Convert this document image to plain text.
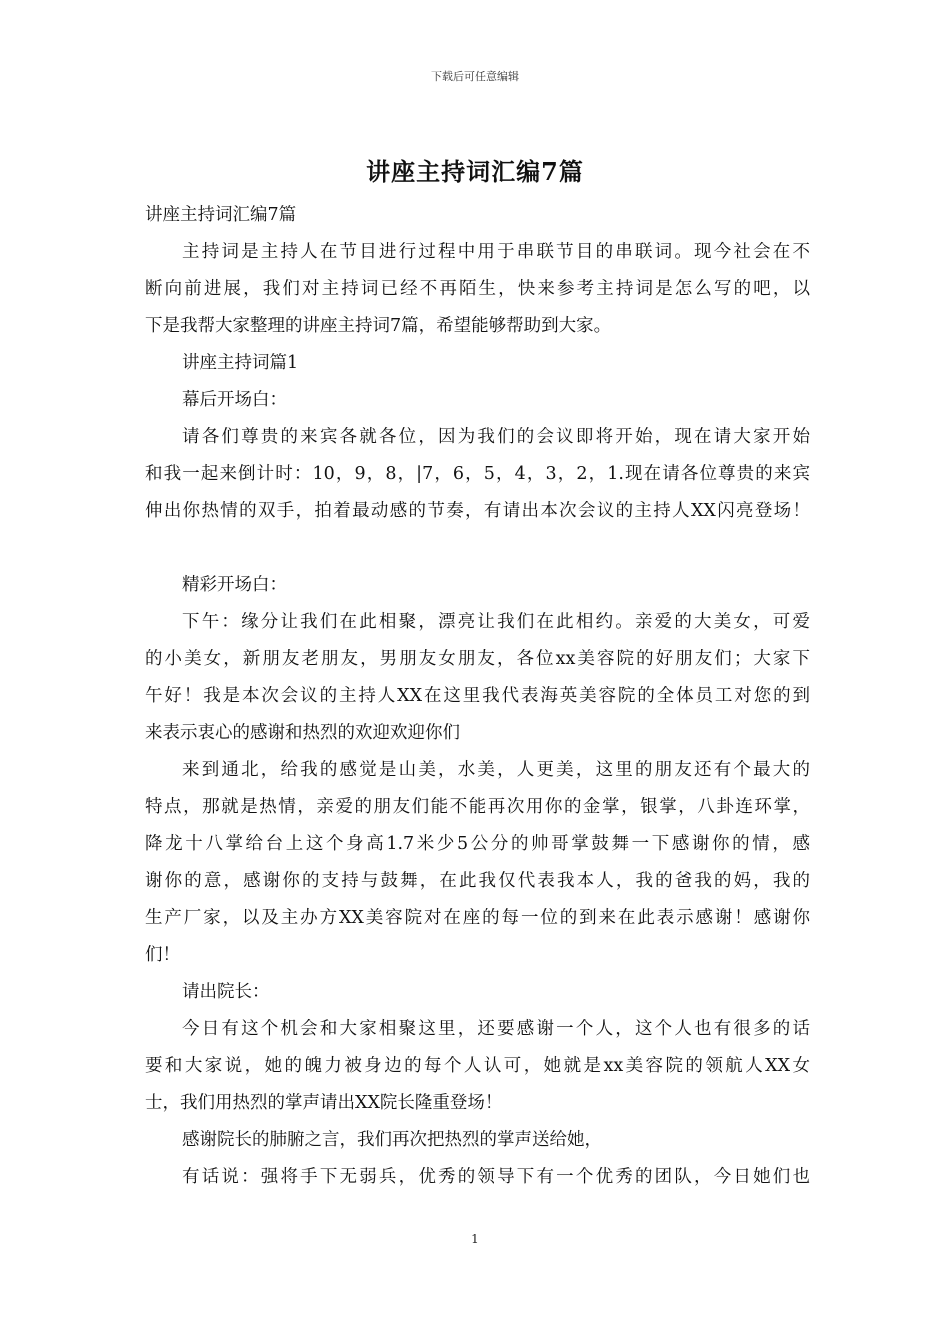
下载后可任意编辑
讲座主持词汇编7篇
讲座主持词汇编7篇
主持词是主持人在节目进行过程中用于串联节目的串联词。现今社会在不
断向前进展，我们对主持词已经不再陌生，快来参考主持词是怎么写的吧，以
下是我帮大家整理的讲座主持词7篇，希望能够帮助到大家。
讲座主持词篇1
幕后开场白：
请各们尊贵的来宾各就各位，因为我们的会议即将开始，现在请大家开始
和我一起来倒计时：10，9，8，|7，6，5，4，3，2，1.现在请各位尊贵的来宾
伸出你热情的双手，拍着最动感的节奏，有请出本次会议的主持人XX闪亮登场！
精彩开场白：
下午：缘分让我们在此相聚，漂亮让我们在此相约。亲爱的大美女，可爱
的小美女，新朋友老朋友，男朋友女朋友，各位xx美容院的好朋友们；大家下
午好！我是本次会议的主持人XX在这里我代表海英美容院的全体员工对您的到
来表示衷心的感谢和热烈的欢迎欢迎你们
来到通北，给我的感觉是山美，水美，人更美，这里的朋友还有个最大的
特点，那就是热情，亲爱的朋友们能不能再次用你的金掌，银掌，八卦连环掌，
降龙十八掌给台上这个身高1.7米少5公分的帅哥掌鼓舞一下感谢你的情，感
谢你的意，感谢你的支持与鼓舞，在此我仅代表我本人，我的爸我的妈，我的
生产厂家，以及主办方XX美容院对在座的每一位的到来在此表示感谢！感谢你
们！
请出院长：
今日有这个机会和大家相聚这里，还要感谢一个人，这个人也有很多的话
要和大家说，她的魄力被身边的每个人认可，她就是xx美容院的领航人XX女
士，我们用热烈的掌声请出XX院长隆重登场！
感谢院长的肺腑之言，我们再次把热烈的掌声送给她，
有话说：强将手下无弱兵，优秀的领导下有一个优秀的团队，今日她们也
1
